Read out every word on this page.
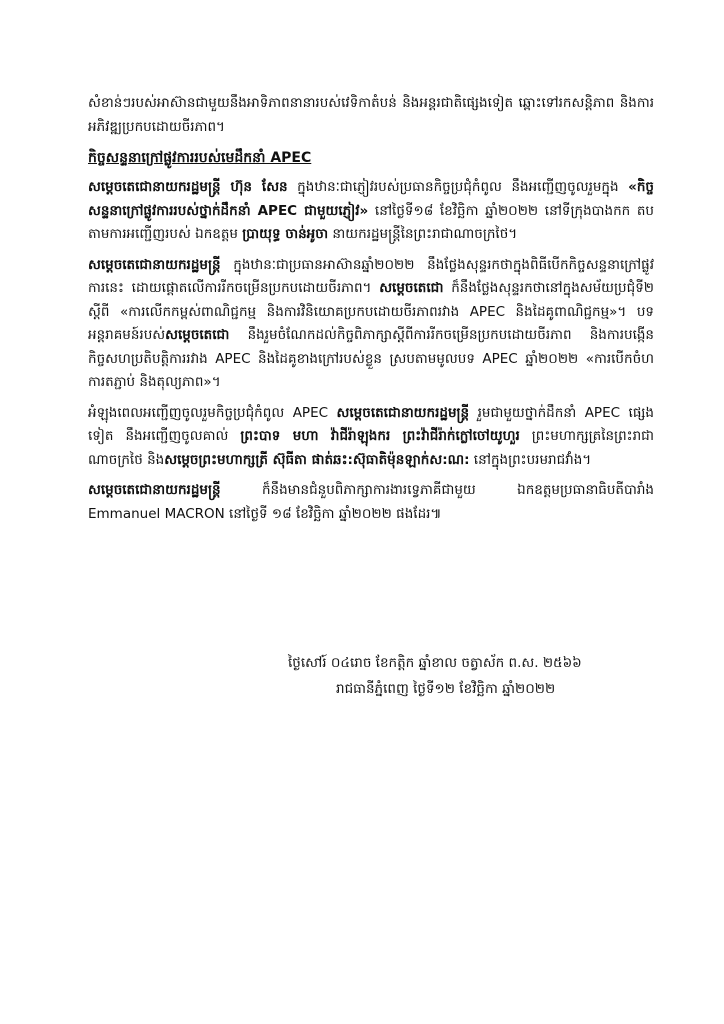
សំខាន់ៗរបស់អាស៊ានជាមួយនឹងអាទិភាពនានារបស់វេទិកាតំបន់ និងអន្តរជាតិផ្សេងទៀត ឆ្ពោះទៅរកសន្តិភាព និងការអភិវឌ្ឍប្រកបដោយចីរភាព។

កិច្ចសន្ទនាក្រៅផ្លូវការរបស់មេដឹកនាំ APEC

សម្តេចតេជោនាយករដ្ឋមន្ត្រី ហ៊ុន សែន ក្នុងឋានៈជាភ្ញៀវរបស់ប្រធានកិច្ចប្រជុំកំពូល នឹងអញ្ជើញចូលរួមក្នុង «កិច្ចសន្ទនាក្រៅផ្លូវការរបស់ថ្នាក់ដឹកនាំ APEC ជាមួយភ្ញៀវ» នៅថ្ងៃទី១៨ ខែវិច្ឆិកា ឆ្នាំ២០២២ នៅទីក្រុងបាងកក តបតាមការអញ្ជើញរបស់ ឯកឧត្តម ប្រាយុទ្ធ ចាន់អូចា នាយករដ្ឋមន្ត្រីនៃព្រះរាជាណាចក្រថៃ។

សម្តេចតេជោនាយករដ្ឋមន្ត្រី ក្នុងឋានៈជាប្រធានអាស៊ានឆ្នាំ២០២២ នឹងថ្លែងសុន្ទរកថាក្នុងពិធីបើកកិច្ចសន្ទនាក្រៅផ្លូវការនេះ ដោយផ្តោតលើការរីកចម្រើនប្រកបដោយចីរភាព។ សម្តេចតេជោ ក៏នឹងថ្លែងសុន្ទរកថានៅក្នុងសម័យប្រជុំទី២ ស្តីពី «ការលើកកម្ពស់ពាណិជ្ជកម្ម និងការវិនិយោគប្រកបដោយចីរភាពរវាង APEC និងដៃគូពាណិជ្ជកម្ម»។ បទអន្តរាគមន៍របស់សម្តេចតេជោ នឹងរួមចំណែកដល់កិច្ចពិភាក្សាស្តីពីការរីកចម្រើនប្រកបដោយចីរភាព និងការបង្កើនកិច្ចសហប្រតិបត្តិការរវាង APEC និងដៃគូខាងក្រៅរបស់ខ្លួន ស្របតាមមូលបទ APEC ឆ្នាំ២០២២ «ការបើកចំហ ការតភ្ជាប់ និងតុល្យភាព»។

អំឡុងពេលអញ្ជើញចូលរួមកិច្ចប្រជុំកំពូល APEC សម្តេចតេជោនាយករដ្ឋមន្ត្រី រួមជាមួយថ្នាក់ដឹកនាំ APEC ផ្សេងទៀត នឹងអញ្ជើញចូលគាល់ ព្រះបាទ មហា វ៉ាជីរ៉ាឡុងករ ព្រះវ៉ាជីរ៉ាក់ក្លៅចៅយូហួរ ព្រះមហាក្សត្រនៃព្រះរាជាណាចក្រថៃ និងសម្តេចព្រះមហាក្សត្រី ស៊ុធីតា ផាត់ឆះ:ស៊ុធាតិម៉ុនឡាក់ស:ណ: នៅក្នុងព្រះបរមរាជវាំង។

សម្តេចតេជោនាយករដ្ឋមន្ត្រី ក៏នឹងមានជំនួបពិភាក្សាការងារទ្វេភាគីជាមួយ ឯកឧត្តមប្រធានាធិបតីបារាំង Emmanuel MACRON នៅថ្ងៃទី ១៨ ខែវិច្ឆិកា ឆ្នាំ២០២២ ផងដែរ៕

ថ្ងៃសៅរ៍ ០៤រោច ខែកត្តិក ឆ្នាំខាល ចត្វាស័ក ព.ស. ២៥៦៦
រាជធានីភ្នំពេញ ថ្ងៃទី១២ ខែវិច្ឆិកា ឆ្នាំ២០២២
